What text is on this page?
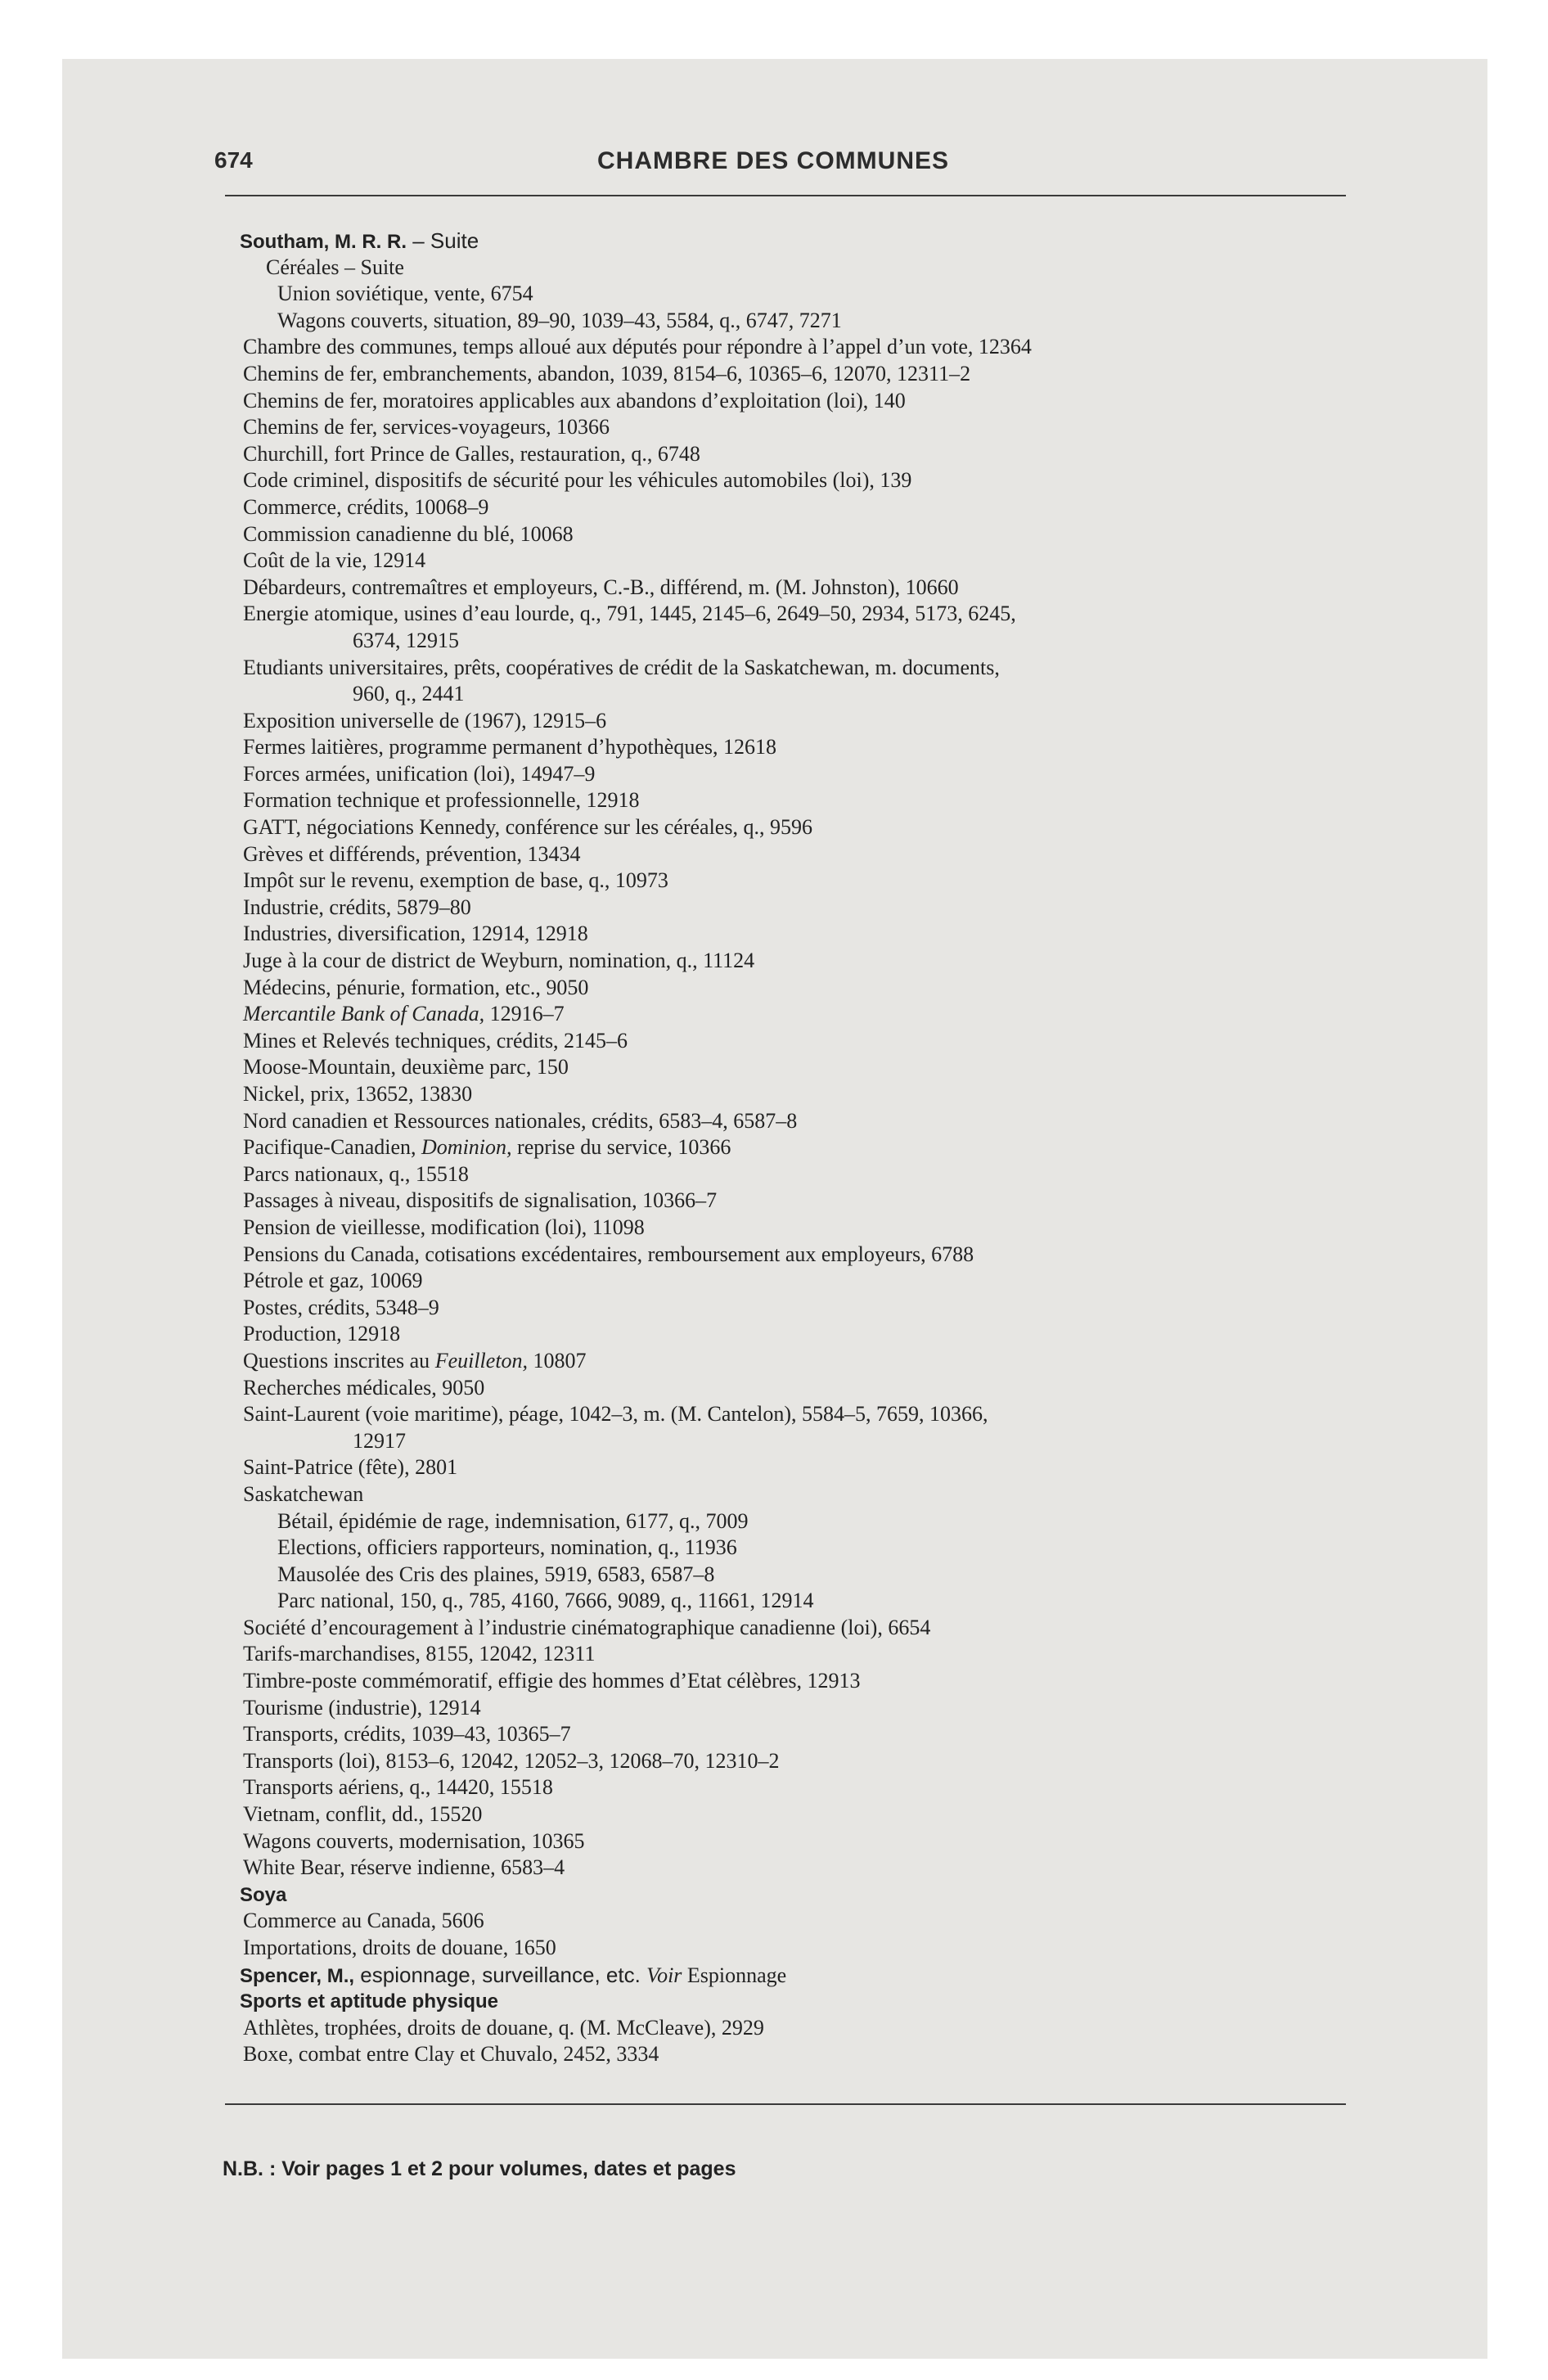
674	CHAMBRE DES COMMUNES
Southam, M. R. R. – Suite
Céréales – Suite
Union soviétique, vente, 6754
Wagons couverts, situation, 89–90, 1039–43, 5584, q., 6747, 7271
Chambre des communes, temps alloué aux députés pour répondre à l’appel d’un vote, 12364
Chemins de fer, embranchements, abandon, 1039, 8154–6, 10365–6, 12070, 12311–2
Chemins de fer, moratoires applicables aux abandons d’exploitation (loi), 140
Chemins de fer, services-voyageurs, 10366
Churchill, fort Prince de Galles, restauration, q., 6748
Code criminel, dispositifs de sécurité pour les véhicules automobiles (loi), 139
Commerce, crédits, 10068–9
Commission canadienne du blé, 10068
Coût de la vie, 12914
Débardeurs, contremaîtres et employeurs, C.-B., différend, m. (M. Johnston), 10660
Energie atomique, usines d’eau lourde, q., 791, 1445, 2145–6, 2649–50, 2934, 5173, 6245,
6374, 12915
Etudiants universitaires, prêts, coopératives de crédit de la Saskatchewan, m. documents,
960, q., 2441
Exposition universelle de (1967), 12915–6
Fermes laitières, programme permanent d’hypothèques, 12618
Forces armées, unification (loi), 14947–9
Formation technique et professionnelle, 12918
GATT, négociations Kennedy, conférence sur les céréales, q., 9596
Grèves et différends, prévention, 13434
Impôt sur le revenu, exemption de base, q., 10973
Industrie, crédits, 5879–80
Industries, diversification, 12914, 12918
Juge à la cour de district de Weyburn, nomination, q., 11124
Médecins, pénurie, formation, etc., 9050
Mercantile Bank of Canada, 12916–7
Mines et Relevés techniques, crédits, 2145–6
Moose-Mountain, deuxième parc, 150
Nickel, prix, 13652, 13830
Nord canadien et Ressources nationales, crédits, 6583–4, 6587–8
Pacifique-Canadien, Dominion, reprise du service, 10366
Parcs nationaux, q., 15518
Passages à niveau, dispositifs de signalisation, 10366–7
Pension de vieillesse, modification (loi), 11098
Pensions du Canada, cotisations excédentaires, remboursement aux employeurs, 6788
Pétrole et gaz, 10069
Postes, crédits, 5348–9
Production, 12918
Questions inscrites au Feuilleton, 10807
Recherches médicales, 9050
Saint-Laurent (voie maritime), péage, 1042–3, m. (M. Cantelon), 5584–5, 7659, 10366,
12917
Saint-Patrice (fête), 2801
Saskatchewan
Bétail, épidémie de rage, indemnisation, 6177, q., 7009
Elections, officiers rapporteurs, nomination, q., 11936
Mausolée des Cris des plaines, 5919, 6583, 6587–8
Parc national, 150, q., 785, 4160, 7666, 9089, q., 11661, 12914
Société d’encouragement à l’industrie cinématographique canadienne (loi), 6654
Tarifs-marchandises, 8155, 12042, 12311
Timbre-poste commémoratif, effigie des hommes d’Etat célèbres, 12913
Tourisme (industrie), 12914
Transports, crédits, 1039–43, 10365–7
Transports (loi), 8153–6, 12042, 12052–3, 12068–70, 12310–2
Transports aériens, q., 14420, 15518
Vietnam, conflit, dd., 15520
Wagons couverts, modernisation, 10365
White Bear, réserve indienne, 6583–4
Soya
Commerce au Canada, 5606
Importations, droits de douane, 1650
Spencer, M., espionnage, surveillance, etc. Voir Espionnage
Sports et aptitude physique
Athlètes, trophées, droits de douane, q. (M. McCleave), 2929
Boxe, combat entre Clay et Chuvalo, 2452, 3334
N.B. : Voir pages 1 et 2 pour volumes, dates et pages
